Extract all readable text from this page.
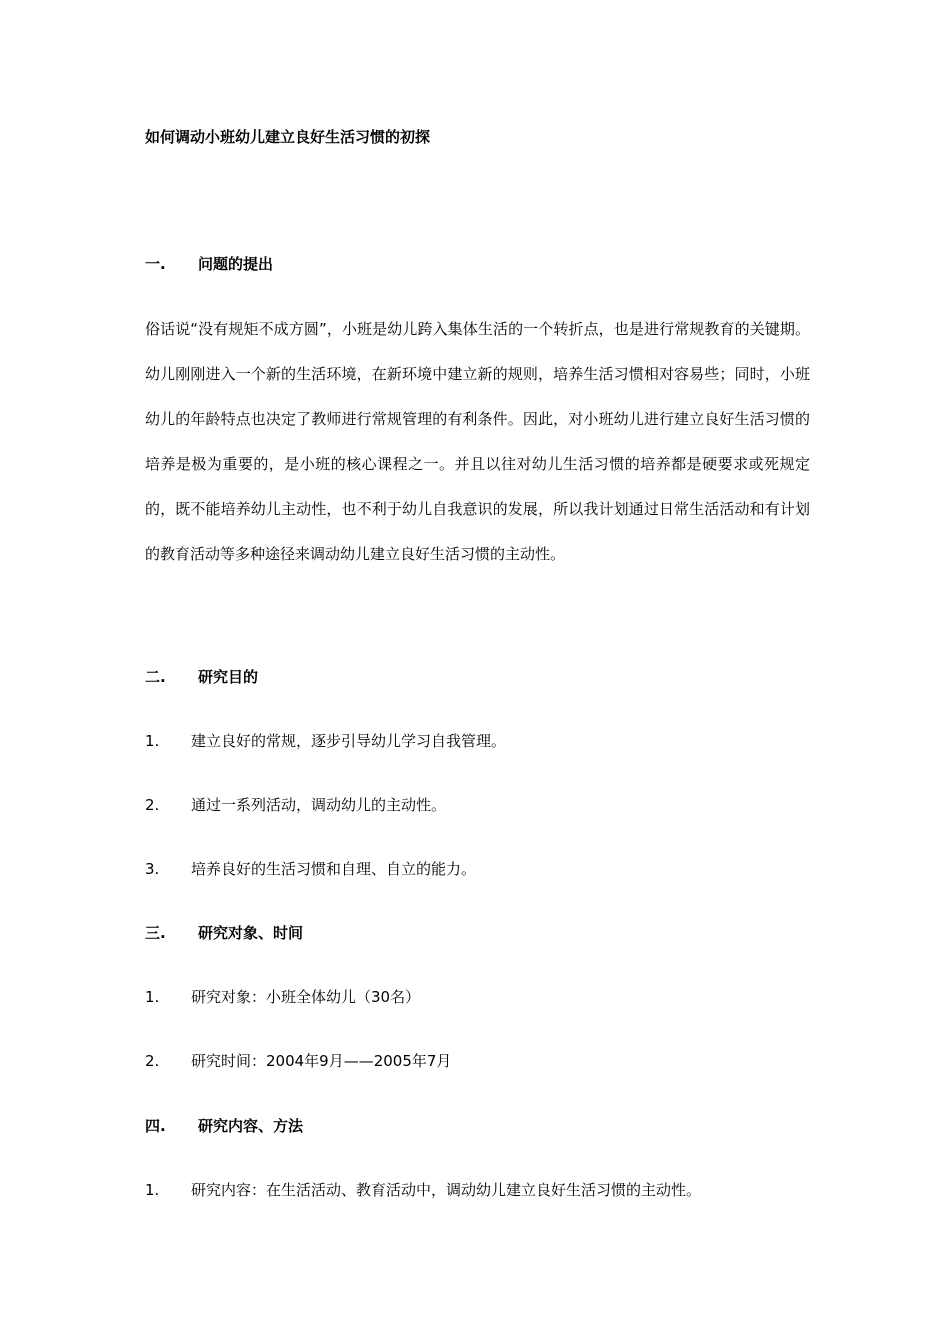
如何调动小班幼儿建立良好生活习惯的初探
一. 问题的提出
俗话说“没有规矩不成方圆”，小班是幼儿跨入集体生活的一个转折点，也是进行常规教育的关键期。幼儿刚刚进入一个新的生活环境，在新环境中建立新的规则，培养生活习惯相对容易些；同时，小班幼儿的年龄特点也决定了教师进行常规管理的有利条件。因此，对小班幼儿进行建立良好生活习惯的培养是极为重要的，是小班的核心课程之一。并且以往对幼儿生活习惯的培养都是硬要求或死规定的，既不能培养幼儿主动性，也不利于幼儿自我意识的发展，所以我计划通过日常生活活动和有计划的教育活动等多种途径来调动幼儿建立良好生活习惯的主动性。
二. 研究目的
1. 建立良好的常规，逐步引导幼儿学习自我管理。
2. 通过一系列活动，调动幼儿的主动性。
3. 培养良好的生活习惯和自理、自立的能力。
三. 研究对象、时间
1. 研究对象：小班全体幼儿（30名）
2. 研究时间：2004年9月——2005年7月
四. 研究内容、方法
1. 研究内容：在生活活动、教育活动中，调动幼儿建立良好生活习惯的主动性。
